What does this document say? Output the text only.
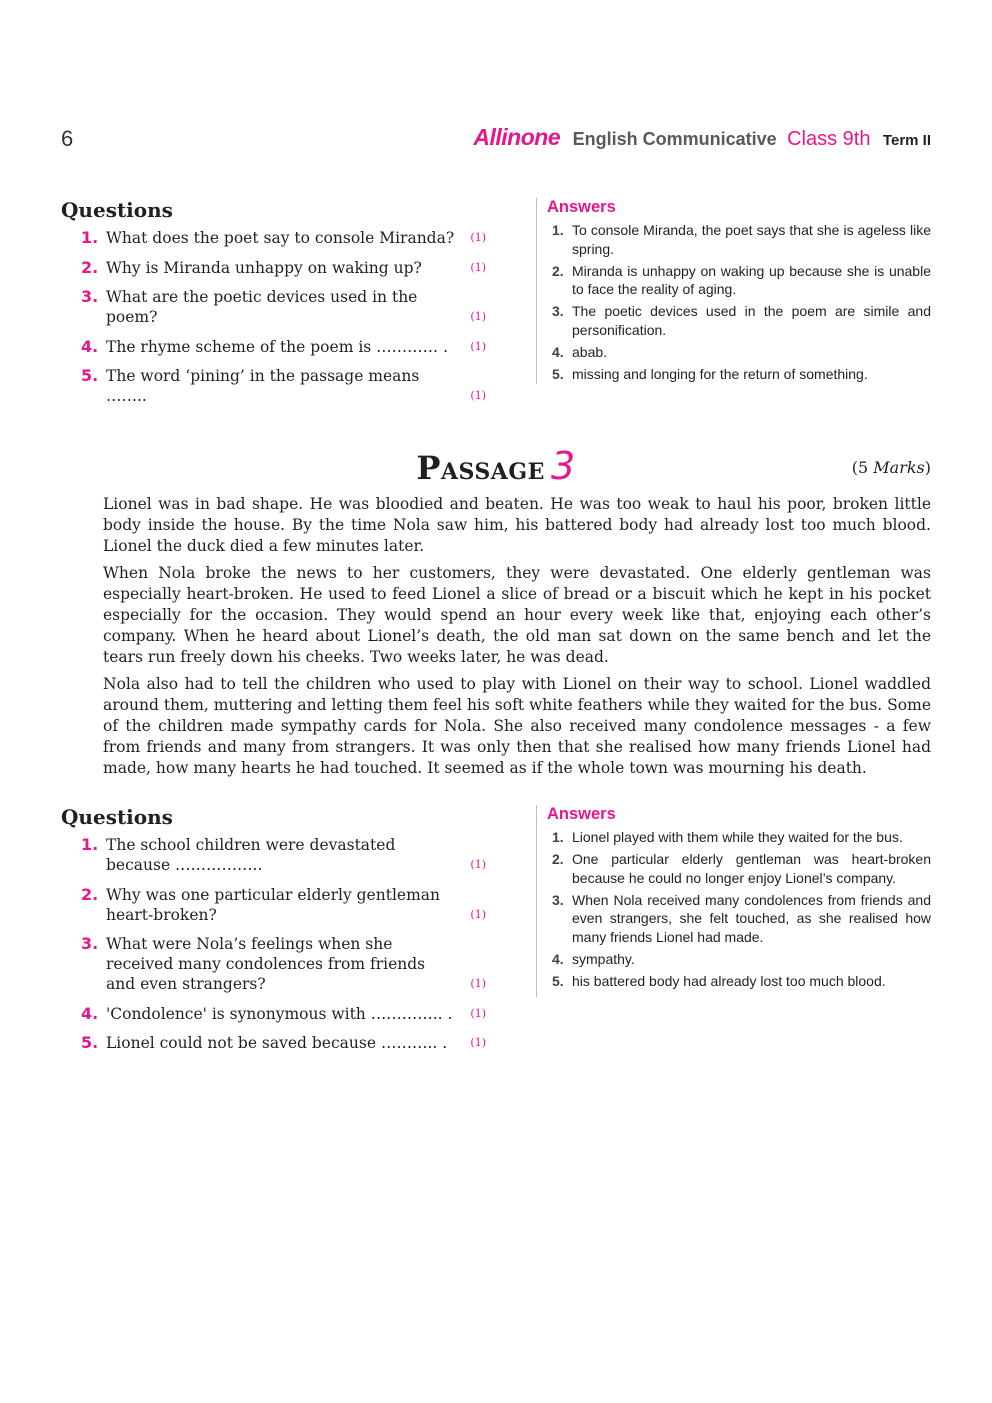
6	Allinone English Communicative Class 9th Term II
Questions
1. What does the poet say to console Miranda? (1)
2. Why is Miranda unhappy on waking up?	(1)
3. What are the poetic devices used in the poem?	(1)
4. The rhyme scheme of the poem is ………… . (1)
5. The word ‘pining’ in the passage means ……..	(1)
Answers
1. To console Miranda, the poet says that she is ageless like spring.
2. Miranda is unhappy on waking up because she is unable to face the reality of aging.
3. The poetic devices used in the poem are simile and personification.
4. abab.
5. missing and longing for the return of something.
Passage 3	(5 Marks)

Lionel was in bad shape. He was bloodied and beaten. He was too weak to haul his poor, broken little body inside the house. By the time Nola saw him, his battered body had already lost too much blood. Lionel the duck died a few minutes later.

When Nola broke the news to her customers, they were devastated. One elderly gentleman was especially heart-broken. He used to feed Lionel a slice of bread or a biscuit which he kept in his pocket especially for the occasion. They would spend an hour every week like that, enjoying each other’s company. When he heard about Lionel’s death, the old man sat down on the same bench and let the tears run freely down his cheeks. Two weeks later, he was dead.

Nola also had to tell the children who used to play with Lionel on their way to school. Lionel waddled around them, muttering and letting them feel his soft white feathers while they waited for the bus. Some of the children made sympathy cards for Nola. She also received many condolence messages - a few from friends and many from strangers. It was only then that she realised how many friends Lionel had made, how many hearts he had touched. It seemed as if the whole town was mourning his death.

Questions
1. The school children were devastated because ……………..	(1)
2. Why was one particular elderly gentleman heart-broken?	(1)
3. What were Nola’s feelings when she received many condolences from friends and even strangers?	(1)
4. 'Condolence' is synonymous with ………….. . (1)
5. Lionel could not be saved because ……….. . (1)
Answers
1. Lionel played with them while they waited for the bus.
2. One particular elderly gentleman was heart-broken because he could no longer enjoy Lionel’s company.
3. When Nola received many condolences from friends and even strangers, she felt touched, as she realised how many friends Lionel had made.
4. sympathy.
5. his battered body had already lost too much blood.
